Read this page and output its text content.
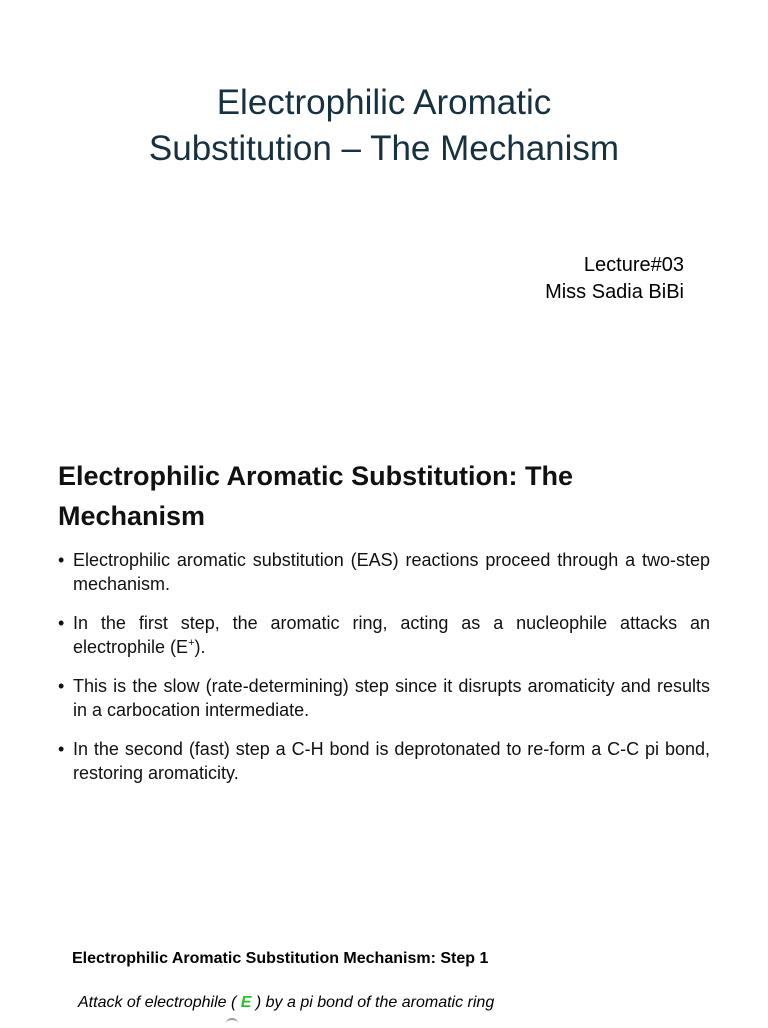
Electrophilic Aromatic
Substitution – The Mechanism
Lecture#03
Miss Sadia BiBi
Electrophilic Aromatic Substitution: The
Mechanism
• Electrophilic aromatic substitution (EAS) reactions proceed through a two-step mechanism.
• In the first step, the aromatic ring, acting as a nucleophile attacks an electrophile (E+).
• This is the slow (rate-determining) step since it disrupts aromaticity and results in a carbocation intermediate.
• In the second (fast) step a C-H bond is deprotonated to re-form a C-C pi bond, restoring aromaticity.
Electrophilic Aromatic Substitution Mechanism: Step 1
Attack of electrophile ( E ) by a pi bond of the aromatic ring
